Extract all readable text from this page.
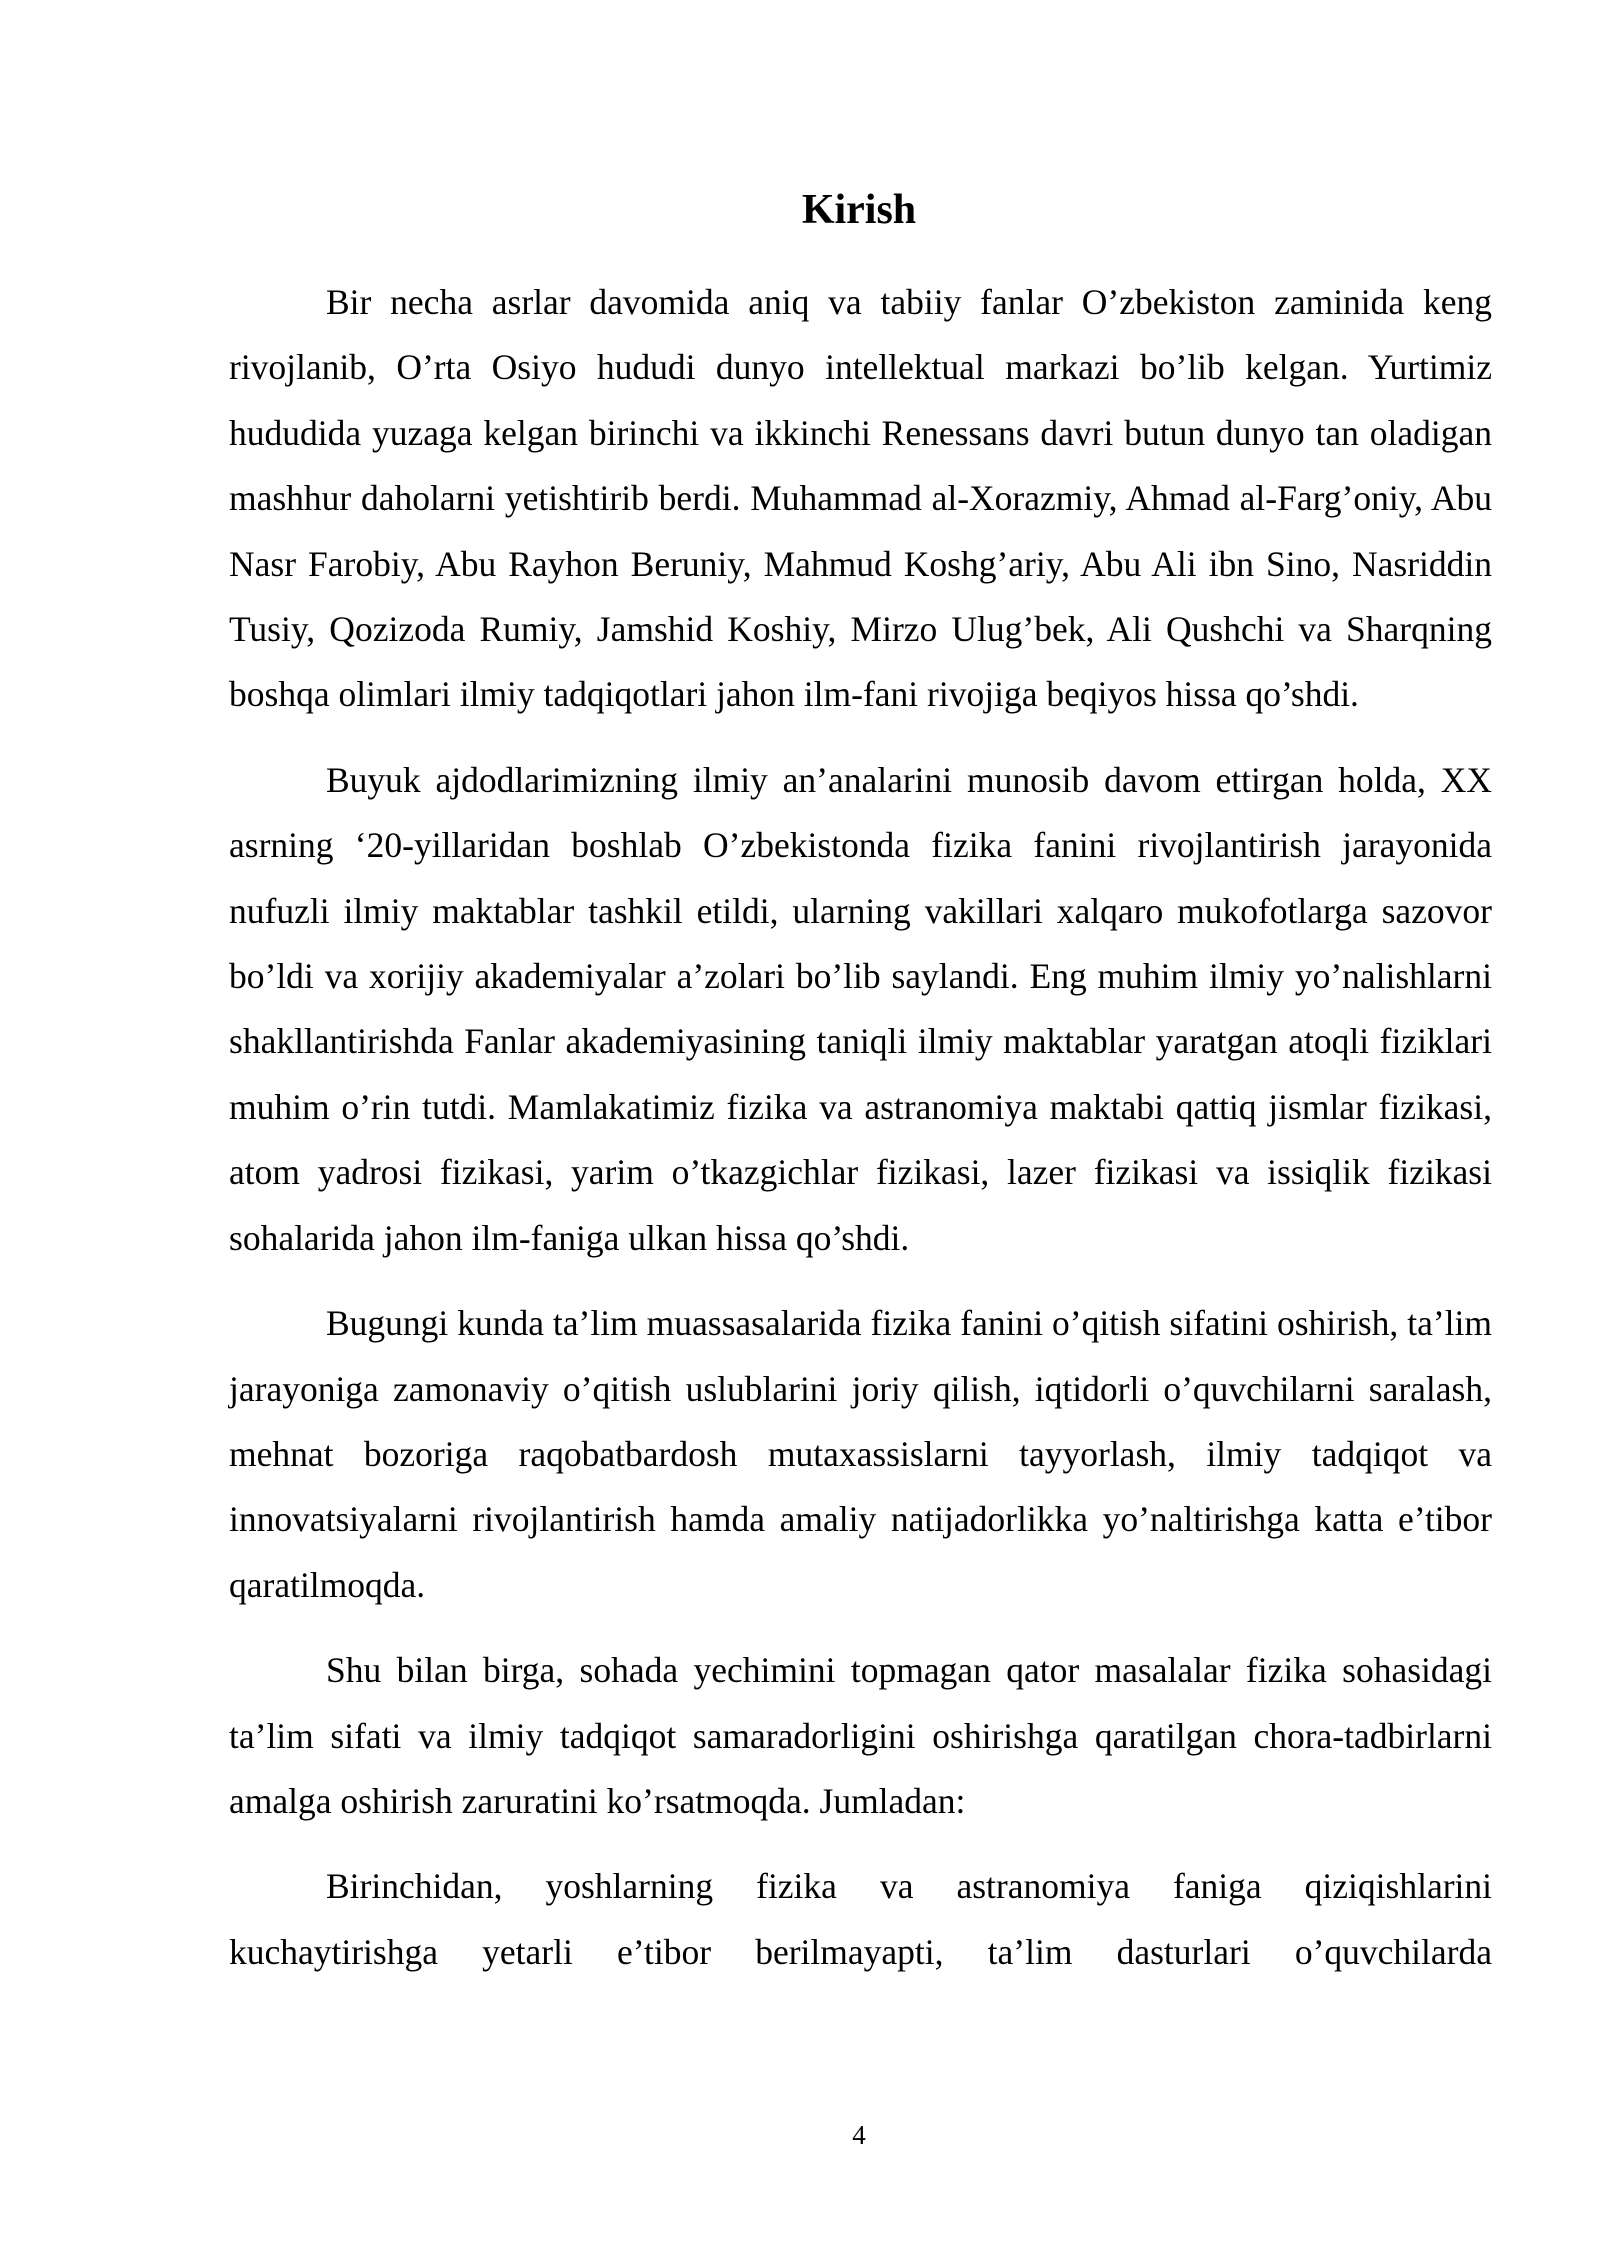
Kirish

Bir necha asrlar davomida aniq va tabiiy fanlar O’zbekiston zaminida keng rivojlanib, O’rta Osiyo hududi dunyo intellektual markazi bo’lib kelgan. Yurtimiz hududida yuzaga kelgan birinchi va ikkinchi Renessans davri butun dunyo tan oladigan mashhur daholarni yetishtirib berdi. Muhammad al-Xorazmiy, Ahmad al-Farg’oniy, Abu Nasr Farobiy, Abu Rayhon Beruniy, Mahmud Koshg’ariy, Abu Ali ibn Sino, Nasriddin Tusiy, Qozizoda Rumiy, Jamshid Koshiy, Mirzo Ulug’bek, Ali Qushchi va Sharqning boshqa olimlari ilmiy tadqiqotlari jahon ilm-fani rivojiga beqiyos hissa qo’shdi.

Buyuk ajdodlarimizning ilmiy an’analarini munosib davom ettirgan holda, XX asrning ‘20-yillaridan boshlab O’zbekistonda fizika fanini rivojlantirish jarayonida nufuzli ilmiy maktablar tashkil etildi, ularning vakillari xalqaro mukofotlarga sazovor bo’ldi va xorijiy akademiyalar a’zolari bo’lib saylandi. Eng muhim ilmiy yo’nalishlarni shakllantirishda Fanlar akademiyasining taniqli ilmiy maktablar yaratgan atoqli fiziklari muhim o’rin tutdi. Mamlakatimiz fizika va astranomiya maktabi qattiq jismlar fizikasi, atom yadrosi fizikasi, yarim o’tkazgichlar fizikasi, lazer fizikasi va issiqlik fizikasi sohalarida jahon ilm-faniga ulkan hissa qo’shdi.

Bugungi kunda ta’lim muassasalarida fizika fanini o’qitish sifatini oshirish, ta’lim jarayoniga zamonaviy o’qitish uslublarini joriy qilish, iqtidorli o’quvchilarni saralash, mehnat bozoriga raqobatbardosh mutaxassislarni tayyorlash, ilmiy tadqiqot va innovatsiyalarni rivojlantirish hamda amaliy natijadorlikka yo’naltirishga katta e’tibor qaratilmoqda.

Shu bilan birga, sohada yechimini topmagan qator masalalar fizika sohasidagi ta’lim sifati va ilmiy tadqiqot samaradorligini oshirishga qaratilgan chora-tadbirlarni amalga oshirish zaruratini ko’rsatmoqda. Jumladan:

Birinchidan, yoshlarning fizika va astranomiya faniga qiziqishlarini kuchaytirishga yetarli e’tibor berilmayapti, ta’lim dasturlari o’quvchilarda

4
